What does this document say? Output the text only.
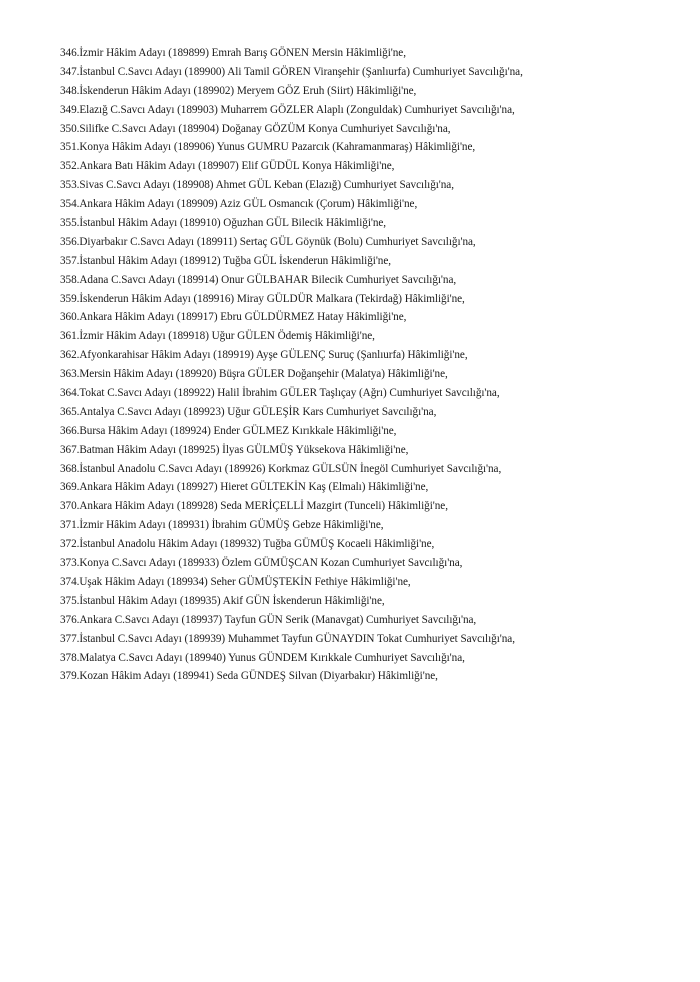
346.İzmir Hâkim Adayı (189899) Emrah Barış GÖNEN Mersin Hâkimliği'ne,
347.İstanbul C.Savcı Adayı (189900) Ali Tamil GÖREN Viranşehir (Şanlıurfa) Cumhuriyet Savcılığı'na,
348.İskenderun Hâkim Adayı (189902) Meryem GÖZ Eruh (Siirt) Hâkimliği'ne,
349.Elazığ C.Savcı Adayı (189903) Muharrem GÖZLER Alaplı (Zonguldak) Cumhuriyet Savcılığı'na,
350.Silifke C.Savcı Adayı (189904) Doğanay GÖZÜM Konya Cumhuriyet Savcılığı'na,
351.Konya Hâkim Adayı (189906) Yunus GUMRU Pazarcık (Kahramanmaraş) Hâkimliği'ne,
352.Ankara Batı Hâkim Adayı (189907) Elif GÜDÜL Konya Hâkimliği'ne,
353.Sivas C.Savcı Adayı (189908) Ahmet GÜL Keban (Elazığ) Cumhuriyet Savcılığı'na,
354.Ankara Hâkim Adayı (189909) Aziz GÜL Osmancık (Çorum) Hâkimliği'ne,
355.İstanbul Hâkim Adayı (189910) Oğuzhan GÜL Bilecik Hâkimliği'ne,
356.Diyarbakır C.Savcı Adayı (189911) Sertaç GÜL Göynük (Bolu) Cumhuriyet Savcılığı'na,
357.İstanbul Hâkim Adayı (189912) Tuğba GÜL İskenderun Hâkimliği'ne,
358.Adana C.Savcı Adayı (189914) Onur GÜLBAHAR Bilecik Cumhuriyet Savcılığı'na,
359.İskenderun Hâkim Adayı (189916) Miray GÜLDÜR Malkara (Tekirdağ) Hâkimliği'ne,
360.Ankara Hâkim Adayı (189917) Ebru GÜLDÜRMEZ Hatay Hâkimliği'ne,
361.İzmir Hâkim Adayı (189918) Uğur GÜLEN Ödemiş Hâkimliği'ne,
362.Afyonkarahisar Hâkim Adayı (189919) Ayşe GÜLENÇ Suruç (Şanlıurfa) Hâkimliği'ne,
363.Mersin Hâkim Adayı (189920) Büşra GÜLER Doğanşehir (Malatya) Hâkimliği'ne,
364.Tokat C.Savcı Adayı (189922) Halil İbrahim GÜLER Taşlıçay (Ağrı) Cumhuriyet Savcılığı'na,
365.Antalya C.Savcı Adayı (189923) Uğur GÜLEŞİR Kars Cumhuriyet Savcılığı'na,
366.Bursa Hâkim Adayı (189924) Ender GÜLMEZ Kırıkkale Hâkimliği'ne,
367.Batman Hâkim Adayı (189925) İlyas GÜLMÜŞ Yüksekova Hâkimliği'ne,
368.İstanbul Anadolu C.Savcı Adayı (189926) Korkmaz GÜLSÜN İnegöl Cumhuriyet Savcılığı'na,
369.Ankara Hâkim Adayı (189927) Hieret GÜLTEKİN Kaş (Elmalı) Hâkimliği'ne,
370.Ankara Hâkim Adayı (189928) Seda MERİÇELLİ Mazgirt (Tunceli) Hâkimliği'ne,
371.İzmir Hâkim Adayı (189931) İbrahim GÜMÜŞ Gebze Hâkimliği'ne,
372.İstanbul Anadolu Hâkim Adayı (189932) Tuğba GÜMÜŞ Kocaeli Hâkimliği'ne,
373.Konya C.Savcı Adayı (189933) Özlem GÜMÜŞCAN Kozan Cumhuriyet Savcılığı'na,
374.Uşak Hâkim Adayı (189934) Seher GÜMÜŞTEKİN Fethiye Hâkimliği'ne,
375.İstanbul Hâkim Adayı (189935) Akif GÜN İskenderun Hâkimliği'ne,
376.Ankara C.Savcı Adayı (189937) Tayfun GÜN Serik (Manavgat) Cumhuriyet Savcılığı'na,
377.İstanbul C.Savcı Adayı (189939) Muhammet Tayfun GÜNAYDIN Tokat Cumhuriyet Savcılığı'na,
378.Malatya C.Savcı Adayı (189940) Yunus GÜNDEM Kırıkkale Cumhuriyet Savcılığı'na,
379.Kozan Hâkim Adayı (189941) Seda GÜNDEŞ Silvan (Diyarbakır) Hâkimliği'ne,
